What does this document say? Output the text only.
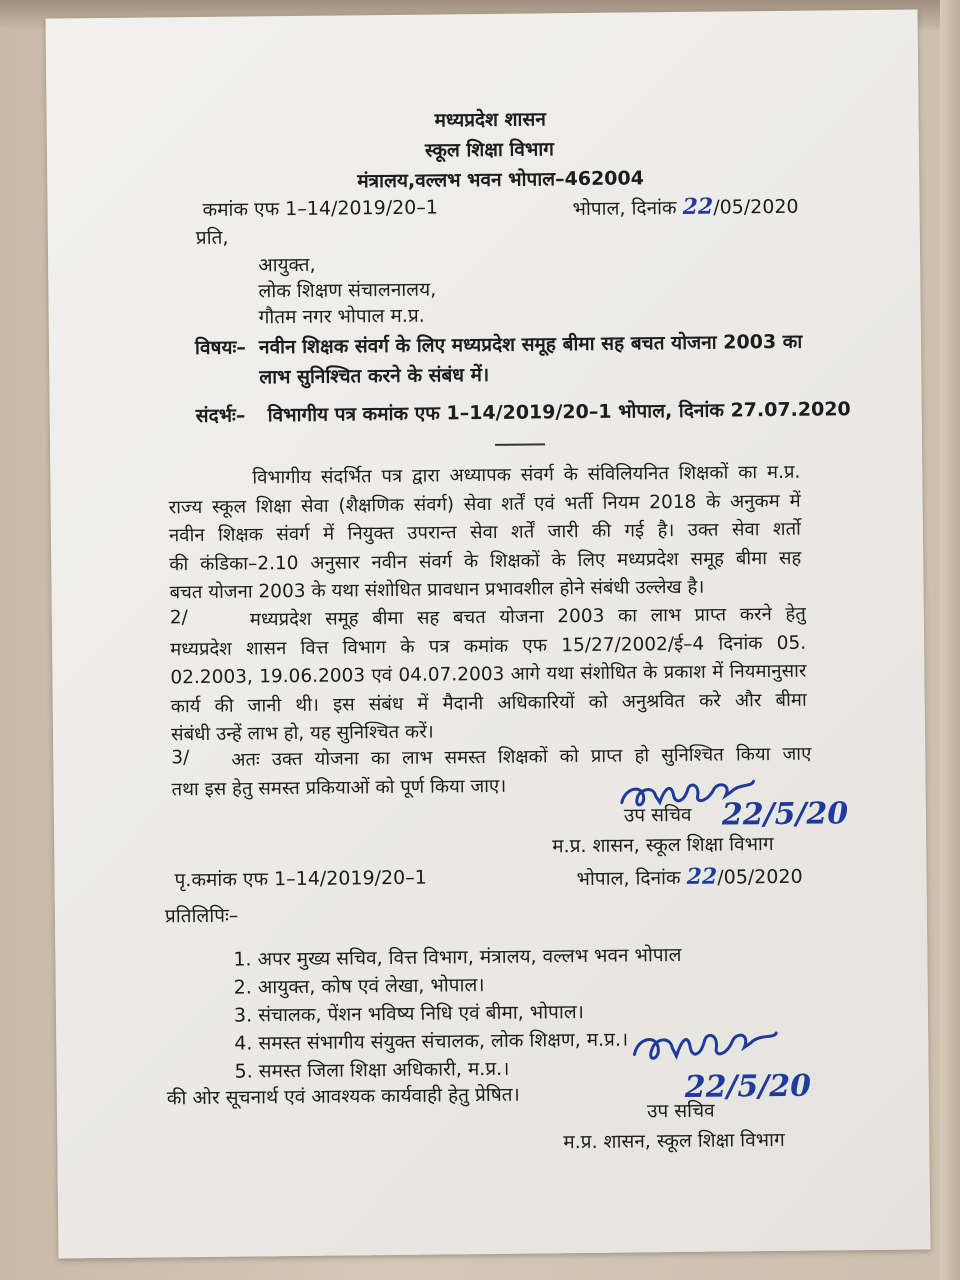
मध्यप्रदेश शासन
स्कूल शिक्षा विभाग
मंत्रालय,वल्लभ भवन भोपाल–462004
कमांक एफ 1–14/2019/20–1	भोपाल, दिनांक 22/05/2020
प्रति,
आयुक्त,
लोक शिक्षण संचालनालय,
गौतम नगर भोपाल म.प्र.
विषयः– नवीन शिक्षक संवर्ग के लिए मध्यप्रदेश समूह बीमा सह बचत योजना 2003 का
लाभ सुनिश्चित करने के संबंध में।
संदर्भः– विभागीय पत्र कमांक एफ 1–14/2019/20–1 भोपाल, दिनांक 27.07.2020
विभागीय संदर्भित पत्र द्वारा अध्यापक संवर्ग के संविलियनित शिक्षकों का म.प्र.
राज्य स्कूल शिक्षा सेवा (शैक्षणिक संवर्ग) सेवा शर्तें एवं भर्ती नियम 2018 के अनुकम में
नवीन शिक्षक संवर्ग में नियुक्त उपरान्त सेवा शर्तें जारी की गई है। उक्त सेवा शर्तो
की कंडिका–2.10 अनुसार नवीन संवर्ग के शिक्षकों के लिए मध्यप्रदेश समूह बीमा सह
बचत योजना 2003 के यथा संशोधित प्रावधान प्रभावशील होने संबंधी उल्लेख है।
2/	मध्यप्रदेश समूह बीमा सह बचत योजना 2003 का लाभ प्राप्त करने हेतु
मध्यप्रदेश शासन वित्त विभाग के पत्र कमांक एफ 15/27/2002/ई–4 दिनांक 05.
02.2003, 19.06.2003 एवं 04.07.2003 आगे यथा संशोधित के प्रकाश में नियमानुसार
कार्य की जानी थी। इस संबंध में मैदानी अधिकारियों को अनुश्रवित करे और बीमा
संबंधी उन्हें लाभ हो, यह सुनिश्चित करें।
3/	अतः उक्त योजना का लाभ समस्त शिक्षकों को प्राप्त हो सुनिश्चित किया जाए
तथा इस हेतु समस्त प्रकियाओं को पूर्ण किया जाए।
उप सचिव 22/5/20
म.प्र. शासन, स्कूल शिक्षा विभाग
पृ.कमांक एफ 1–14/2019/20–1	भोपाल, दिनांक 22/05/2020
प्रतिलिपिः–
1. अपर मुख्य सचिव, वित्त विभाग, मंत्रालय, वल्लभ भवन भोपाल
2. आयुक्त, कोष एवं लेखा, भोपाल।
3. संचालक, पेंशन भविष्य निधि एवं बीमा, भोपाल।
4. समस्त संभागीय संयुक्त संचालक, लोक शिक्षण, म.प्र.।
5. समस्त जिला शिक्षा अधिकारी, म.प्र.।
की ओर सूचनार्थ एवं आवश्यक कार्यवाही हेतु प्रेषित।	22/5/20
उप सचिव
म.प्र. शासन, स्कूल शिक्षा विभाग
